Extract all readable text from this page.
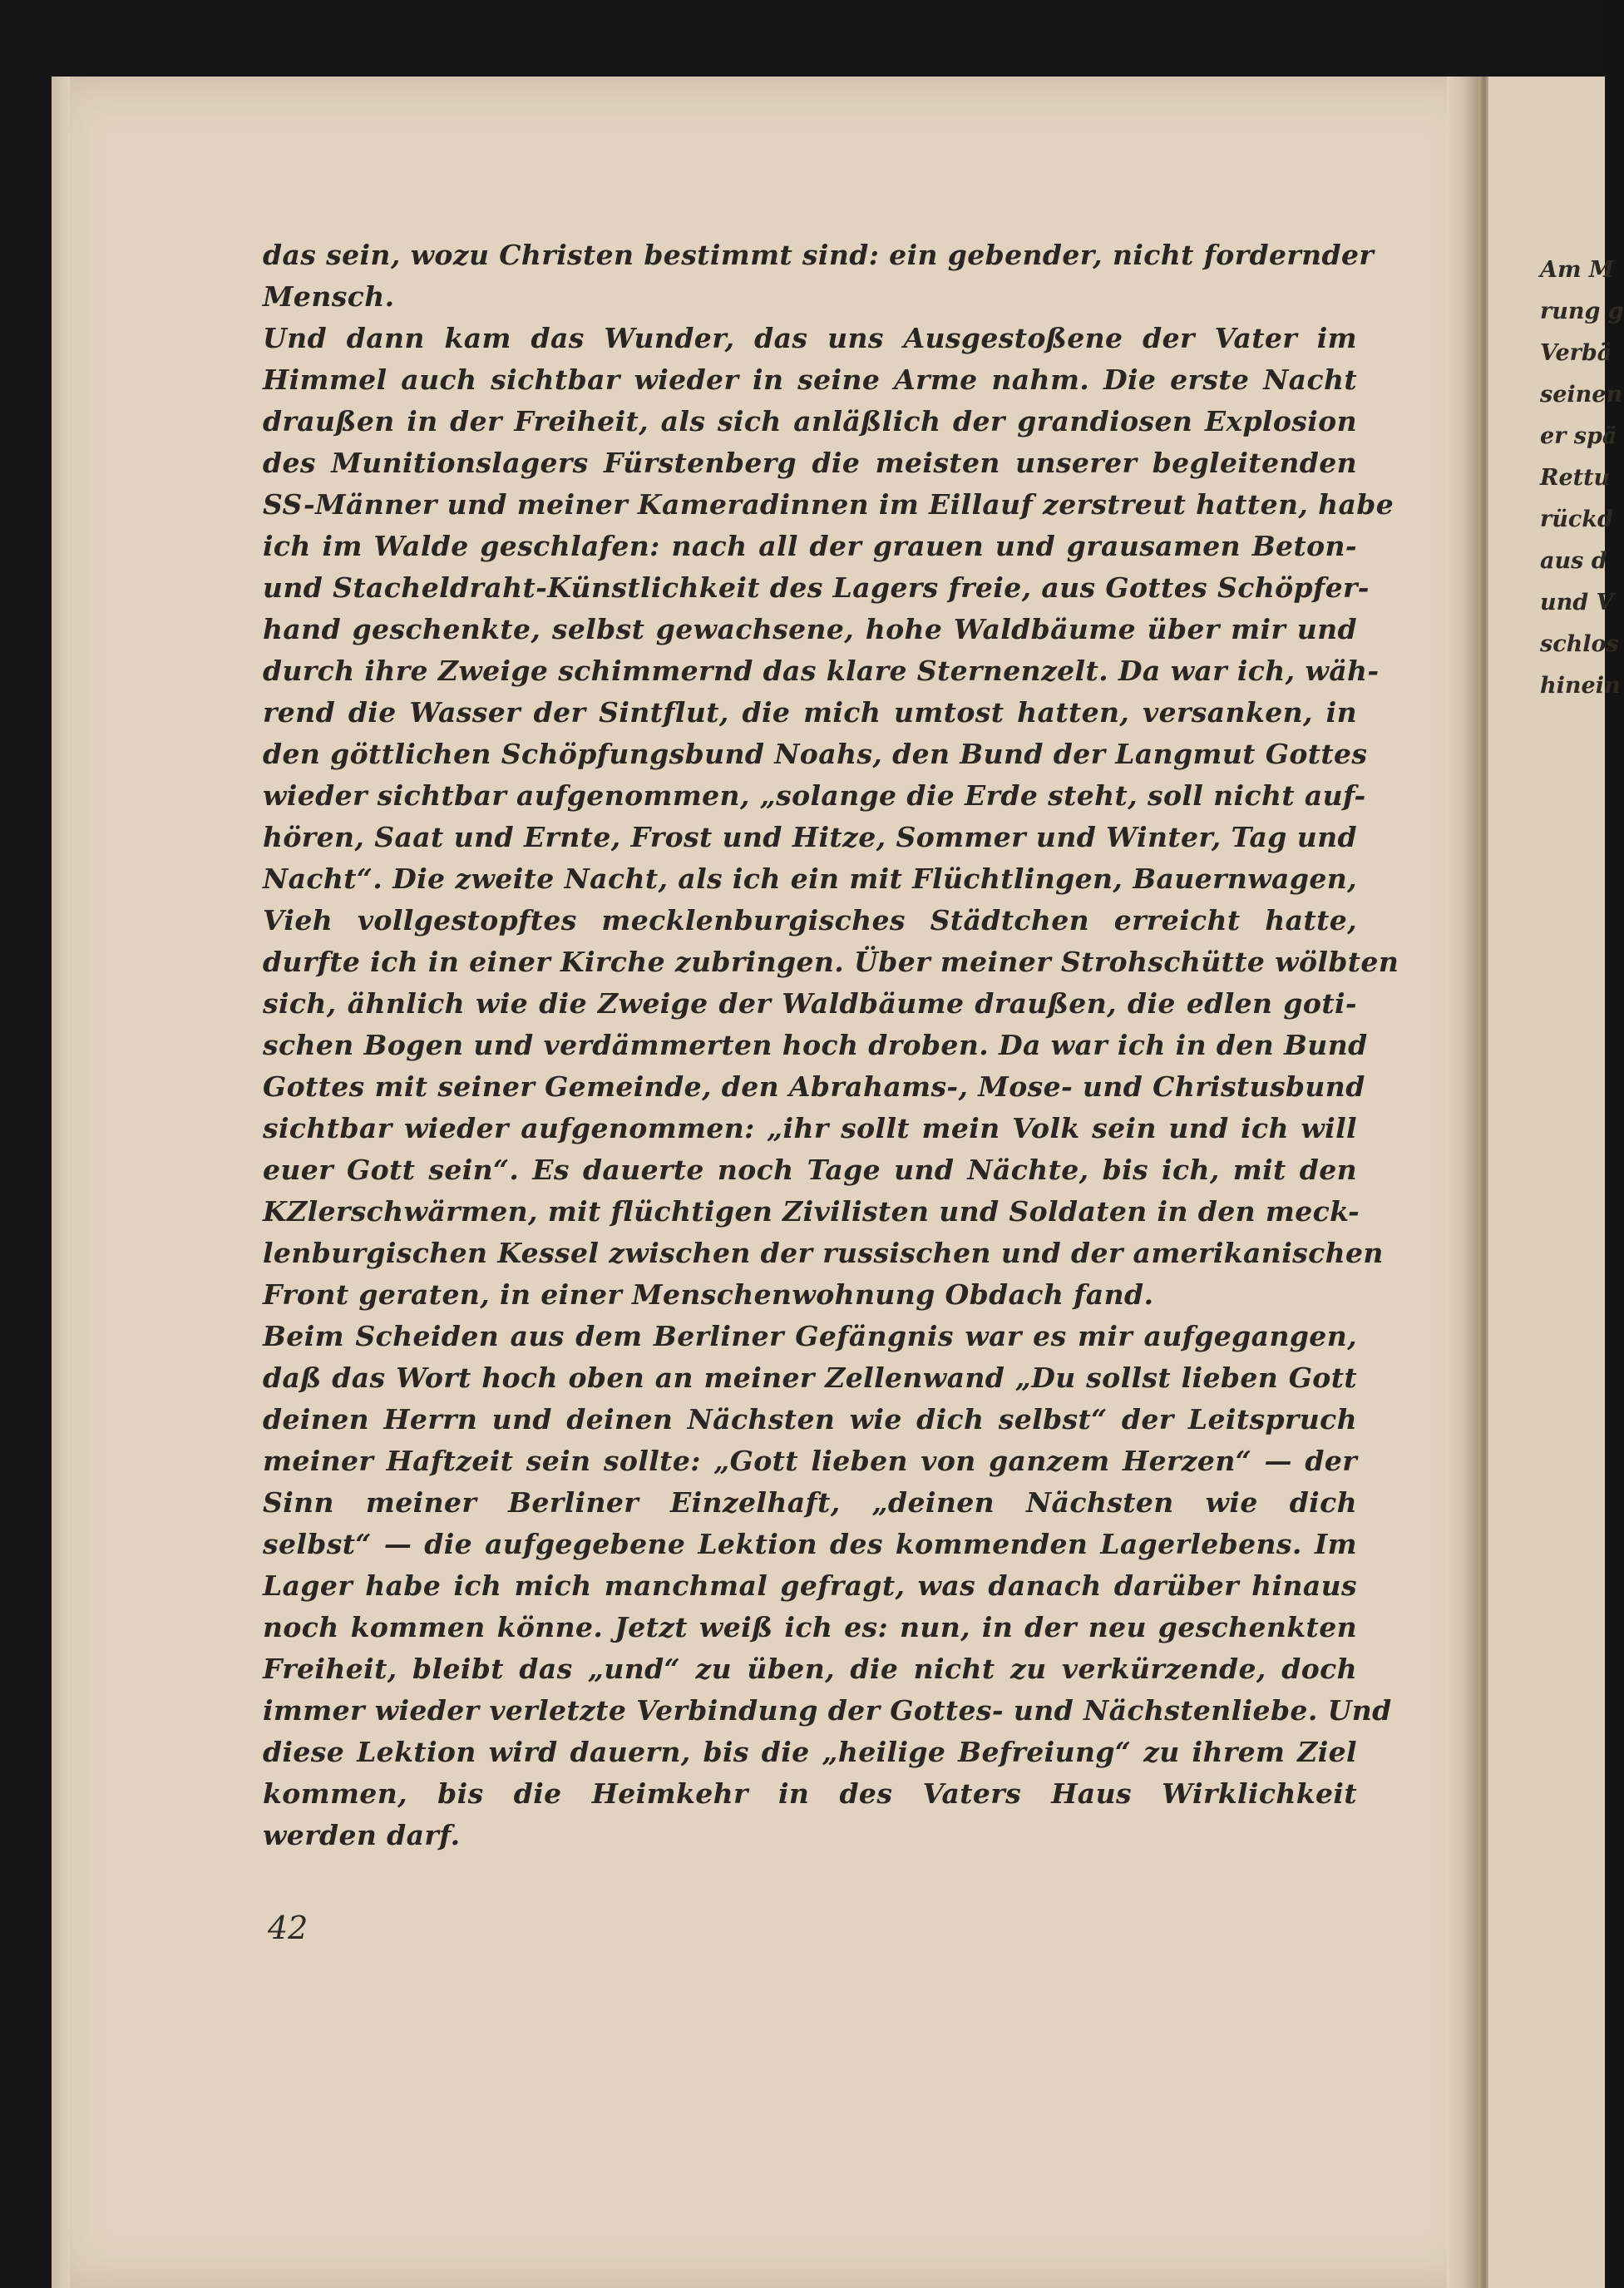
das sein, wozu Christen bestimmt sind: ein gebender, nicht fordernder
Mensch.
Und dann kam das Wunder, das uns Ausgestoßene der Vater im
Himmel auch sichtbar wieder in seine Arme nahm. Die erste Nacht
draußen in der Freiheit, als sich anläßlich der grandiosen Explosion
des Munitionslagers Fürstenberg die meisten unserer begleitenden
SS-Männer und meiner Kameradinnen im Eillauf zerstreut hatten, habe
ich im Walde geschlafen: nach all der grauen und grausamen Beton-
und Stacheldraht-Künstlichkeit des Lagers freie, aus Gottes Schöpfer-
hand geschenkte, selbst gewachsene, hohe Waldbäume über mir und
durch ihre Zweige schimmernd das klare Sternenzelt. Da war ich, wäh-
rend die Wasser der Sintflut, die mich umtost hatten, versanken, in
den göttlichen Schöpfungsbund Noahs, den Bund der Langmut Gottes
wieder sichtbar aufgenommen, „solange die Erde steht, soll nicht auf-
hören, Saat und Ernte, Frost und Hitze, Sommer und Winter, Tag und
Nacht“. Die zweite Nacht, als ich ein mit Flüchtlingen, Bauernwagen,
Vieh vollgestopftes mecklenburgisches Städtchen erreicht hatte,
durfte ich in einer Kirche zubringen. Über meiner Strohschütte wölbten
sich, ähnlich wie die Zweige der Waldbäume draußen, die edlen goti-
schen Bogen und verdämmerten hoch droben. Da war ich in den Bund
Gottes mit seiner Gemeinde, den Abrahams-, Mose- und Christusbund
sichtbar wieder aufgenommen: „ihr sollt mein Volk sein und ich will
euer Gott sein“. Es dauerte noch Tage und Nächte, bis ich, mit den
KZlerschwärmen, mit flüchtigen Zivilisten und Soldaten in den meck-
lenburgischen Kessel zwischen der russischen und der amerikanischen
Front geraten, in einer Menschenwohnung Obdach fand.
Beim Scheiden aus dem Berliner Gefängnis war es mir aufgegangen,
daß das Wort hoch oben an meiner Zellenwand „Du sollst lieben Gott
deinen Herrn und deinen Nächsten wie dich selbst“ der Leitspruch
meiner Haftzeit sein sollte: „Gott lieben von ganzem Herzen“ — der
Sinn meiner Berliner Einzelhaft, „deinen Nächsten wie dich
selbst“ — die aufgegebene Lektion des kommenden Lagerlebens. Im
Lager habe ich mich manchmal gefragt, was danach darüber hinaus
noch kommen könne. Jetzt weiß ich es: nun, in der neu geschenkten
Freiheit, bleibt das „und“ zu üben, die nicht zu verkürzende, doch
immer wieder verletzte Verbindung der Gottes- und Nächstenliebe. Und
diese Lektion wird dauern, bis die „heilige Befreiung“ zu ihrem Ziel
kommen, bis die Heimkehr in des Vaters Haus Wirklichkeit
werden darf.
42
Am M
rung g
Verbä
seinen
er spä
Rettu
rückd
aus d
und V
schlos
hinein
